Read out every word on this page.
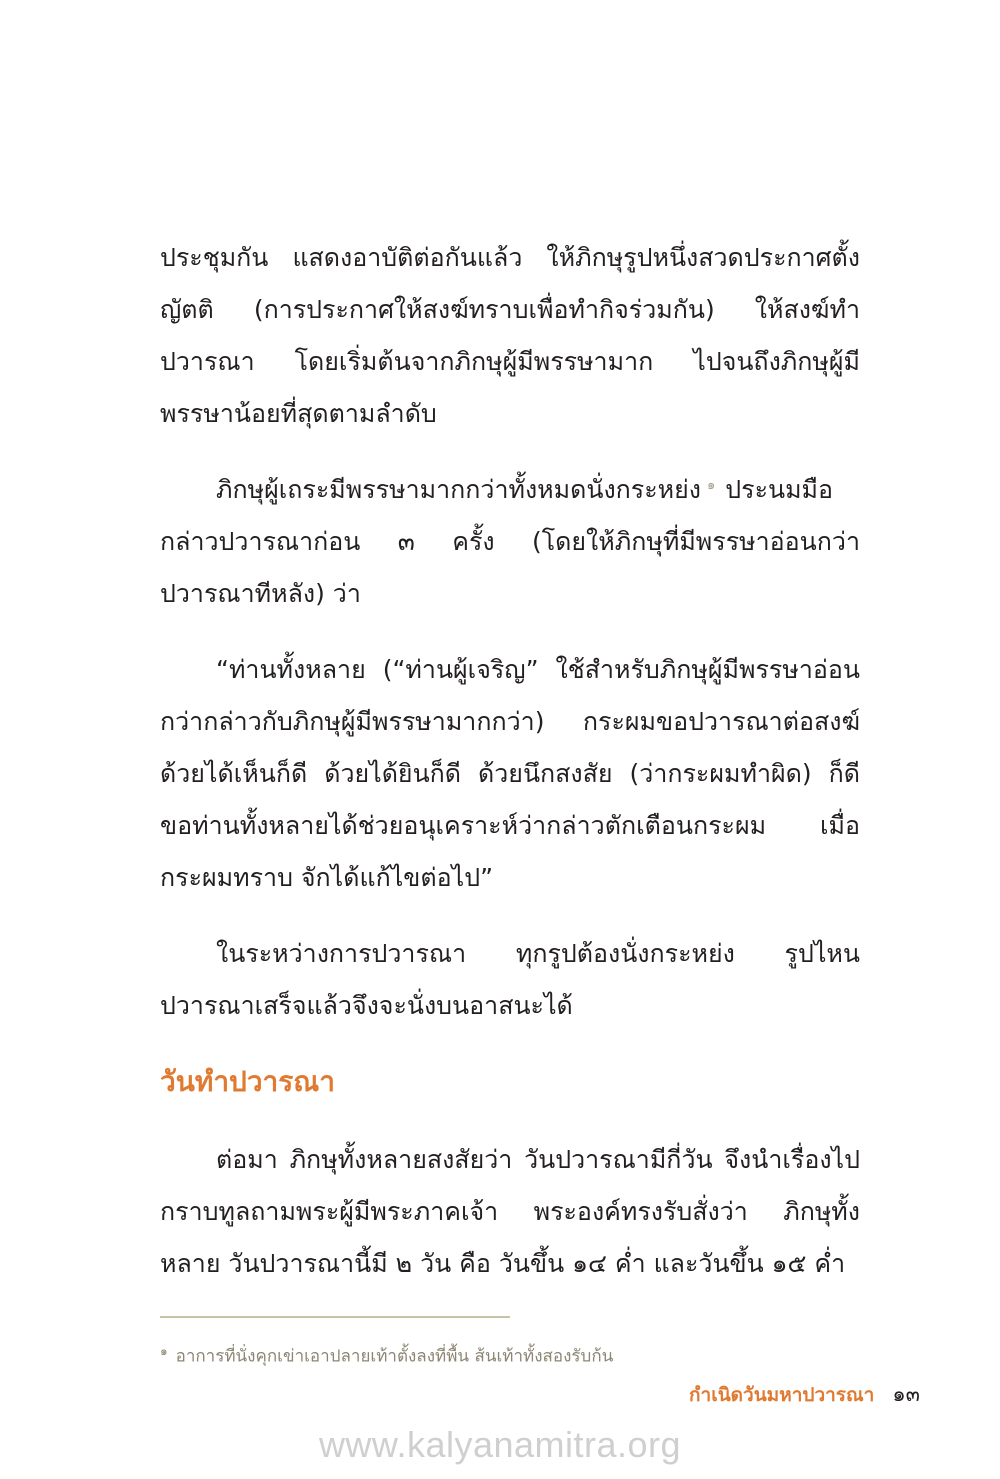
ประชุมกัน แสดงอาบัติต่อกันแล้ว ให้ภิกษุรูปหนึ่งสวดประกาศตั้งญัตติ (การประกาศให้สงฆ์ทราบเพื่อทำกิจร่วมกัน) ให้สงฆ์ทำปวารณา โดยเริ่มต้นจากภิกษุผู้มีพรรษามาก ไปจนถึงภิกษุผู้มีพรรษาน้อยที่สุดตามลำดับ

ภิกษุผู้เถระมีพรรษามากกว่าทั้งหมดนั่งกระหย่ง $^๑$ ประนมมือกล่าวปวารณาก่อน ๓ ครั้ง (โดยให้ภิกษุที่มีพรรษาอ่อนกว่าปวารณาทีหลัง) ว่า

“ท่านทั้งหลาย (“ท่านผู้เจริญ” ใช้สำหรับภิกษุผู้มีพรรษาอ่อนกว่ากล่าวกับภิกษุผู้มีพรรษามากกว่า) กระผมขอปวารณาต่อสงฆ์ ด้วยได้เห็นก็ดี ด้วยได้ยินก็ดี ด้วยนึกสงสัย (ว่ากระผมทำผิด) ก็ดี ขอท่านทั้งหลายได้ช่วยอนุเคราะห์ว่ากล่าวตักเตือนกระผม เมื่อกระผมทราบ จักได้แก้ไขต่อไป”

ในระหว่างการปวารณา ทุกรูปต้องนั่งกระหย่ง รูปไหนปวารณาเสร็จแล้วจึงจะนั่งบนอาสนะได้

วันทำปวารณา

ต่อมา ภิกษุทั้งหลายสงสัยว่า วันปวารณามีกี่วัน จึงนำเรื่องไปกราบทูลถามพระผู้มีพระภาคเจ้า พระองค์ทรงรับสั่งว่า ภิกษุทั้งหลาย วันปวารณานี้มี ๒ วัน คือ วันขึ้น ๑๔ ค่ำ และวันขึ้น ๑๕ ค่ำ

$^๑$ อาการที่นั่งคุกเข่าเอาปลายเท้าตั้งลงที่พื้น ส้นเท้าทั้งสองรับก้น
กำเนิดวันมหาปวารณา ๑๓
www.kalyanamitra.org
